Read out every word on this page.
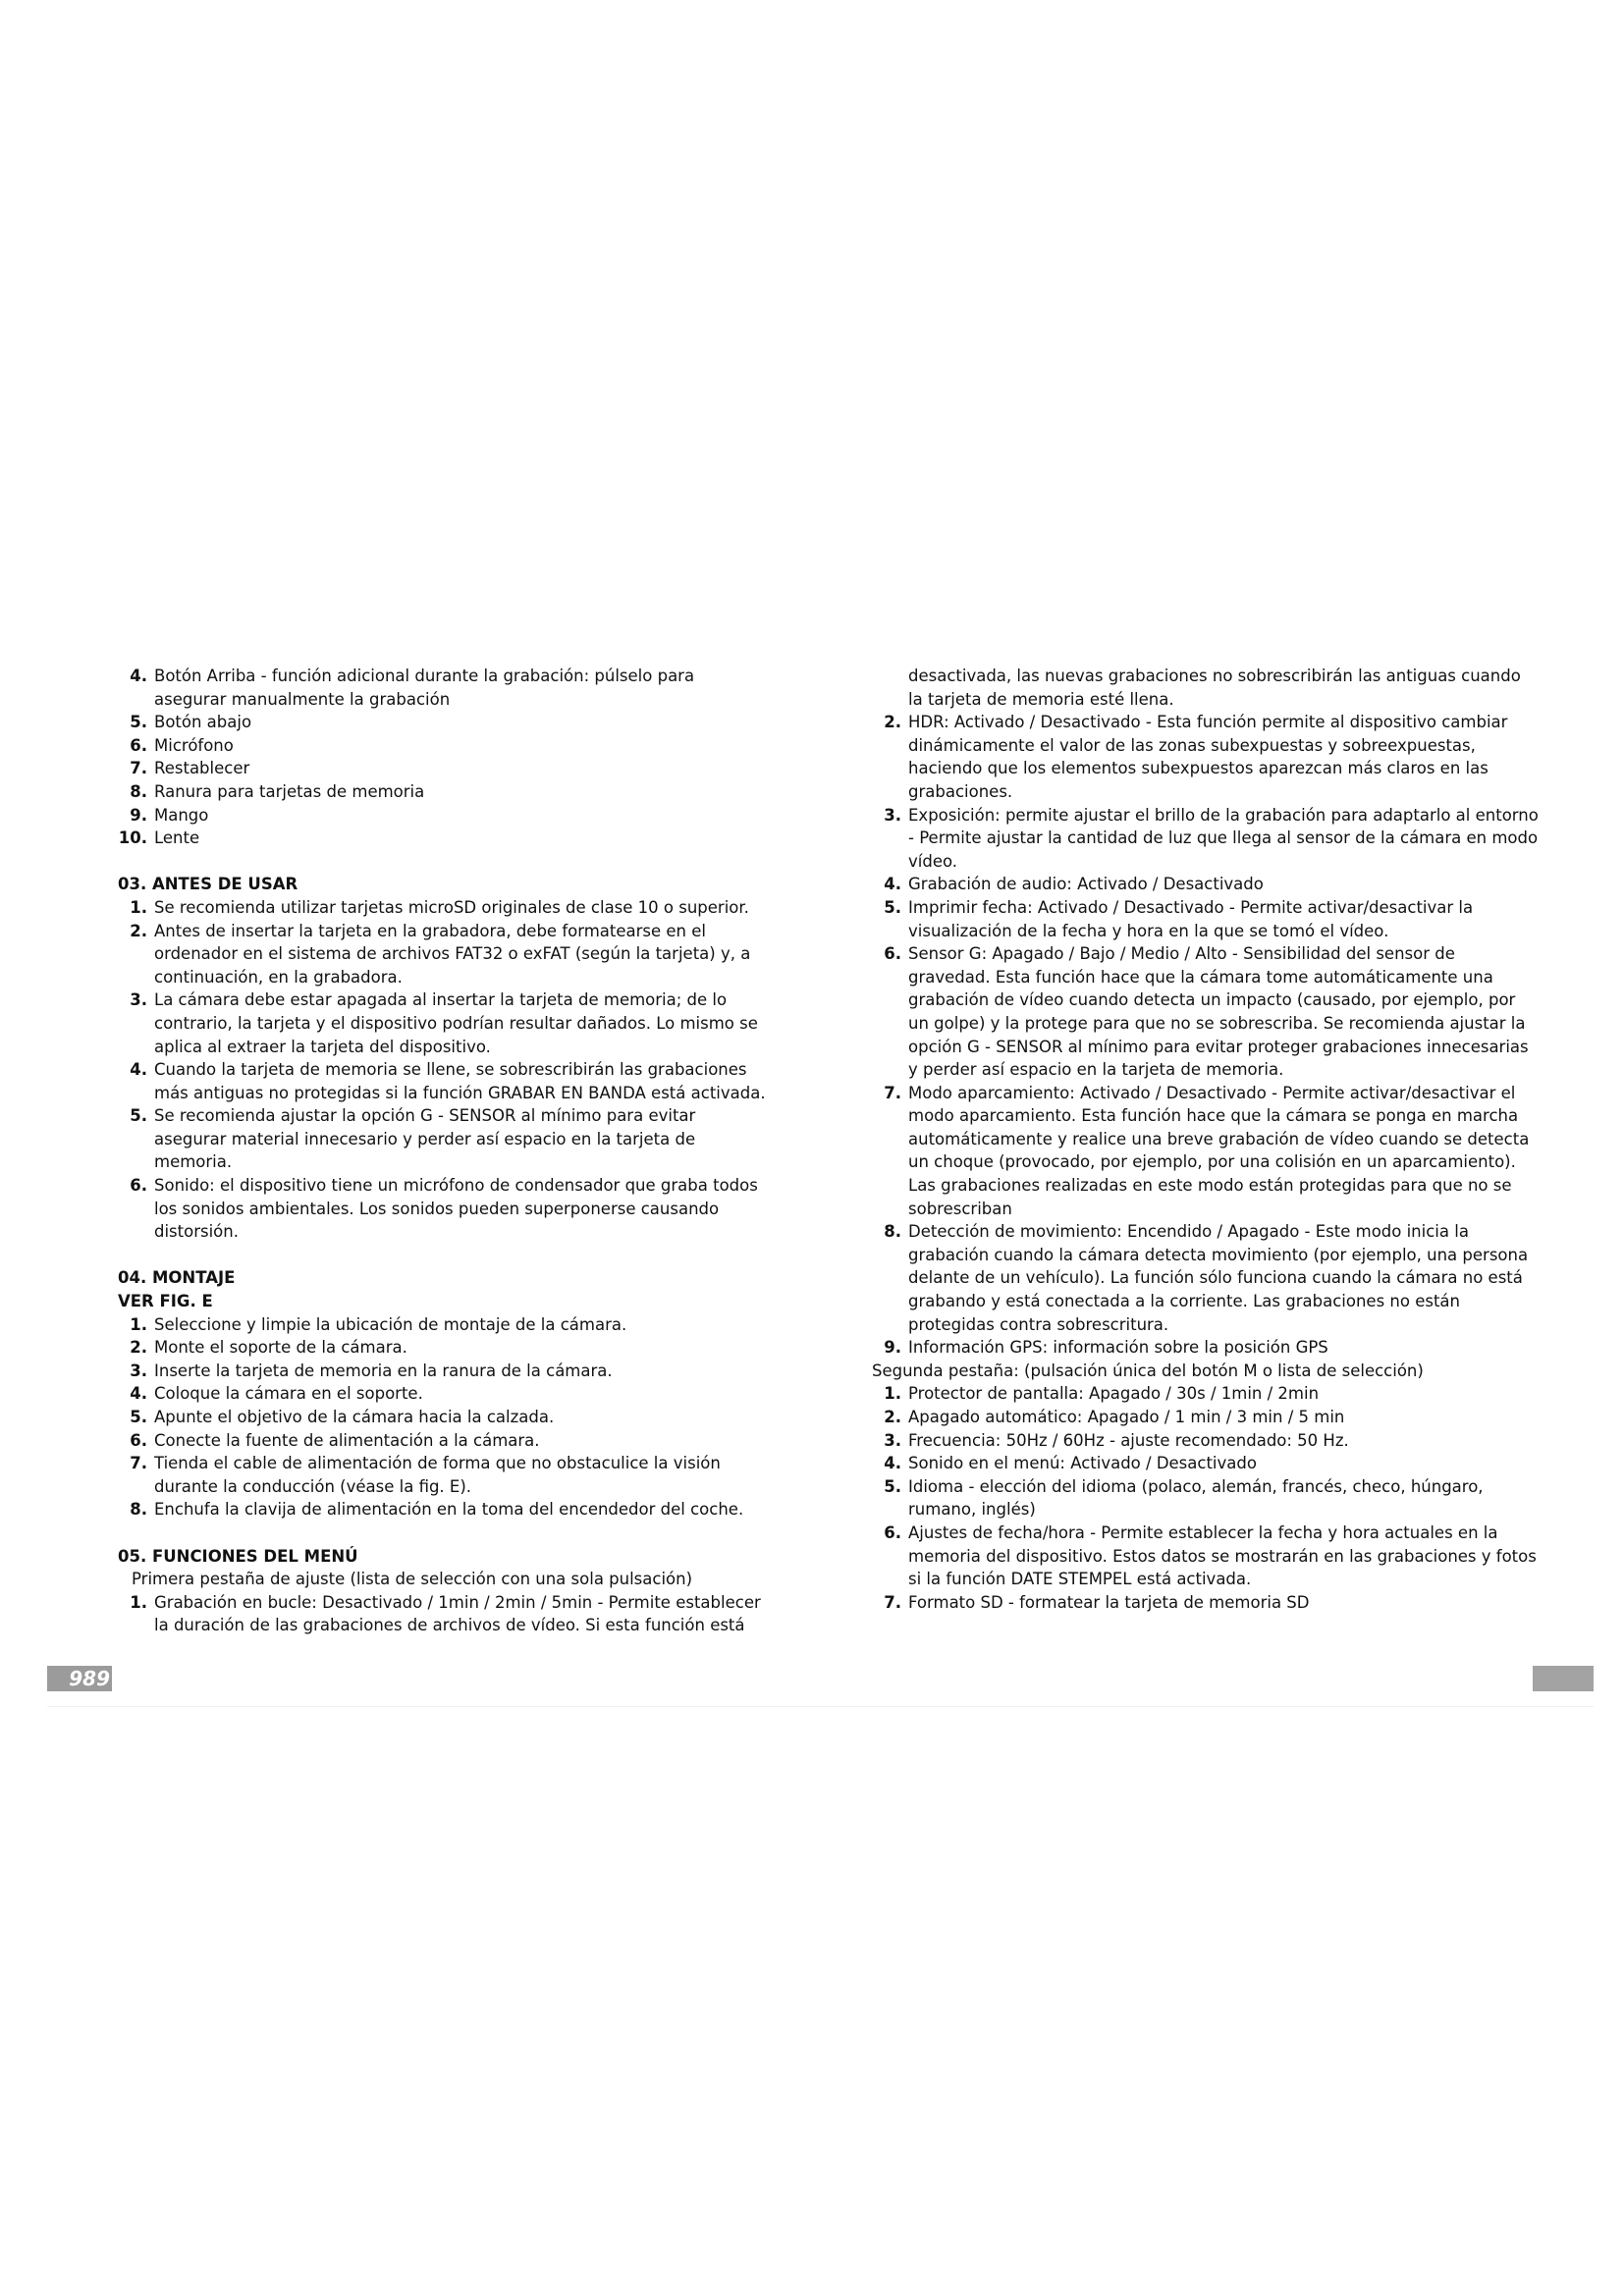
4. Botón Arriba - función adicional durante la grabación: púlselo para asegurar manualmente la grabación
5. Botón abajo
6. Micrófono
7. Restablecer
8. Ranura para tarjetas de memoria
9. Mango
10. Lente

03. ANTES DE USAR

1. Se recomienda utilizar tarjetas microSD originales de clase 10 o superior.
2. Antes de insertar la tarjeta en la grabadora, debe formatearse en el ordenador en el sistema de archivos FAT32 o exFAT (según la tarjeta) y, a continuación, en la grabadora.
3. La cámara debe estar apagada al insertar la tarjeta de memoria; de lo contrario, la tarjeta y el dispositivo podrían resultar dañados. Lo mismo se aplica al extraer la tarjeta del dispositivo.
4. Cuando la tarjeta de memoria se llene, se sobrescribirán las grabaciones más antiguas no protegidas si la función GRABAR EN BANDA está activada.
5. Se recomienda ajustar la opción G - SENSOR al mínimo para evitar asegurar material innecesario y perder así espacio en la tarjeta de memoria.
6. Sonido: el dispositivo tiene un micrófono de condensador que graba todos los sonidos ambientales. Los sonidos pueden superponerse causando distorsión.

04. MONTAJE

VER FIG. E

1. Seleccione y limpie la ubicación de montaje de la cámara.
2. Monte el soporte de la cámara.
3. Inserte la tarjeta de memoria en la ranura de la cámara.
4. Coloque la cámara en el soporte.
5. Apunte el objetivo de la cámara hacia la calzada.
6. Conecte la fuente de alimentación a la cámara.
7. Tienda el cable de alimentación de forma que no obstaculice la visión durante la conducción (véase la fig. E).
8. Enchufa la clavija de alimentación en la toma del encendedor del coche.

05. FUNCIONES DEL MENÚ

Primera pestaña de ajuste (lista de selección con una sola pulsación)

1. Grabación en bucle: Desactivado / 1min / 2min / 5min - Permite establecer la duración de las grabaciones de archivos de vídeo. Si esta función está

desactivada, las nuevas grabaciones no sobrescribirán las antiguas cuando la tarjeta de memoria esté llena.

2. HDR: Activado / Desactivado - Esta función permite al dispositivo cambiar dinámicamente el valor de las zonas subexpuestas y sobreexpuestas, haciendo que los elementos subexpuestos aparezcan más claros en las grabaciones.
3. Exposición: permite ajustar el brillo de la grabación para adaptarlo al entorno - Permite ajustar la cantidad de luz que llega al sensor de la cámara en modo vídeo.
4. Grabación de audio: Activado / Desactivado
5. Imprimir fecha: Activado / Desactivado - Permite activar/desactivar la visualización de la fecha y hora en la que se tomó el vídeo.
6. Sensor G: Apagado / Bajo / Medio / Alto - Sensibilidad del sensor de gravedad. Esta función hace que la cámara tome automáticamente una grabación de vídeo cuando detecta un impacto (causado, por ejemplo, por un golpe) y la protege para que no se sobrescriba. Se recomienda ajustar la opción G - SENSOR al mínimo para evitar proteger grabaciones innecesarias y perder así espacio en la tarjeta de memoria.
7. Modo aparcamiento: Activado / Desactivado - Permite activar/desactivar el modo aparcamiento. Esta función hace que la cámara se ponga en marcha automáticamente y realice una breve grabación de vídeo cuando se detecta un choque (provocado, por ejemplo, por una colisión en un aparcamiento). Las grabaciones realizadas en este modo están protegidas para que no se sobrescriban
8. Detección de movimiento: Encendido / Apagado - Este modo inicia la grabación cuando la cámara detecta movimiento (por ejemplo, una persona delante de un vehículo). La función sólo funciona cuando la cámara no está grabando y está conectada a la corriente. Las grabaciones no están protegidas contra sobrescritura.
9. Información GPS: información sobre la posición GPS

Segunda pestaña: (pulsación única del botón M o lista de selección)

1. Protector de pantalla: Apagado / 30s / 1min / 2min
2. Apagado automático: Apagado / 1 min / 3 min / 5 min
3. Frecuencia: 50Hz / 60Hz - ajuste recomendado: 50 Hz.
4. Sonido en el menú: Activado / Desactivado
5. Idioma - elección del idioma (polaco, alemán, francés, checo, húngaro, rumano, inglés)
6. Ajustes de fecha/hora - Permite establecer la fecha y hora actuales en la memoria del dispositivo. Estos datos se mostrarán en las grabaciones y fotos si la función DATE STEMPEL está activada.
7. Formato SD - formatear la tarjeta de memoria SD
989
